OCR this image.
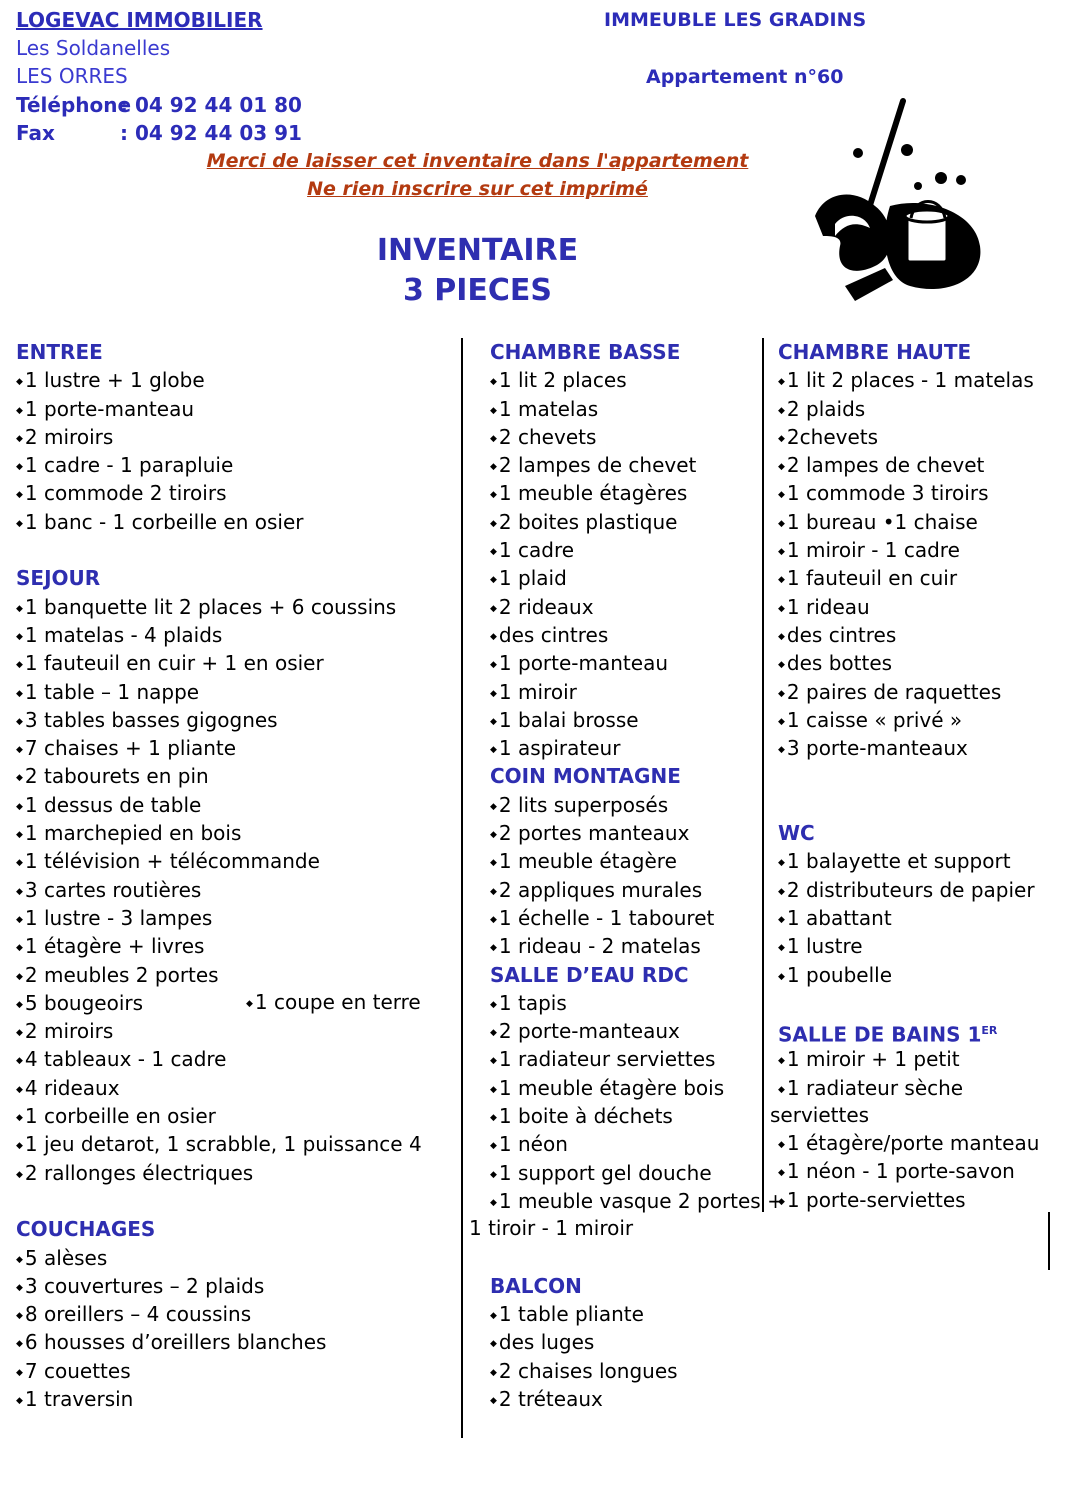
LOGEVAC IMMOBILIER
Les Soldanelles
LES ORRES
Téléphone
: 04 92 44 01 80
Fax	: 04 92 44 03 91
IMMEUBLE LES GRADINS
Appartement n°60
Merci de laisser cet inventaire dans l'appartement
Ne rien inscrire sur cet imprimé
INVENTAIRE
3 PIECES
ENTREE
◆ 1 lustre + 1 globe
◆ 1 porte-manteau
◆ 2 miroirs
◆ 1 cadre - 1 parapluie
◆ 1 commode 2 tiroirs
◆ 1 banc - 1 corbeille en osier
SEJOUR
◆ 1 banquette lit 2 places + 6 coussins
◆ 1 matelas - 4 plaids
◆ 1 fauteuil en cuir + 1 en osier
◆ 1 table – 1 nappe
◆ 3 tables basses gigognes
◆ 7 chaises + 1 pliante
◆ 2 tabourets en pin
◆ 1 dessus de table
◆ 1 marchepied en bois
◆ 1 télévision + télécommande
◆ 3 cartes routières
◆ 1 lustre - 3 lampes
◆ 1 étagère + livres
◆ 2 meubles 2 portes
◆ 5 bougeoirs
◆ 2 miroirs
◆ 4 tableaux - 1 cadre
◆ 4 rideaux
◆ 1 corbeille en osier
◆ 1 jeu detarot, 1 scrabble, 1 puissance 4
◆ 2 rallonges électriques
COUCHAGES
◆ 5 alèses
◆ 3 couvertures – 2 plaids
◆ 8 oreillers – 4 coussins
◆ 6 housses d’oreillers blanches
◆ 7 couettes
◆ 1 traversin
◆ 1 coupe en terre
CHAMBRE BASSE
◆ 1 lit 2 places
◆ 1 matelas
◆ 2 chevets
◆ 2 lampes de chevet
◆ 1 meuble étagères
◆ 2 boites plastique
◆ 1 cadre
◆ 1 plaid
◆ 2 rideaux
◆ des cintres
◆ 1 porte-manteau
◆ 1 miroir
◆ 1 balai brosse
◆ 1 aspirateur
COIN MONTAGNE
◆ 2 lits superposés
◆ 2 portes manteaux
◆ 1 meuble étagère
◆ 2 appliques murales
◆ 1 échelle - 1 tabouret
◆ 1 rideau - 2 matelas
SALLE D’EAU RDC
◆ 1 tapis
◆ 2 porte-manteaux
◆ 1 radiateur serviettes
◆ 1 meuble étagère bois
◆ 1 boite à déchets
◆ 1 néon
◆ 1 support gel douche
◆ 1 meuble vasque 2 portes +
BALCON
◆ 1 table pliante
◆ des luges
◆ 2 chaises longues
◆ 2 tréteaux
1 tiroir - 1 miroir
CHAMBRE HAUTE
◆ 1 lit 2 places - 1 matelas
◆ 2 plaids
◆ 2chevets
◆ 2 lampes de chevet
◆ 1 commode 3 tiroirs
◆ 1 bureau •1 chaise
◆ 1 miroir - 1 cadre
◆ 1 fauteuil en cuir
◆ 1 rideau
◆ des cintres
◆ des bottes
◆ 2 paires de raquettes
◆ 1 caisse « privé »
◆ 3 porte-manteaux
WC
◆ 1 balayette et support
◆ 2 distributeurs de papier
◆ 1 abattant
◆ 1 lustre
◆ 1 poubelle
SALLE DE BAINS 1ER
◆ 1 miroir + 1 petit
◆ 1 radiateur sèche
serviettes
◆ 1 étagère/porte manteau
◆ 1 néon - 1 porte-savon
◆ 1 porte-serviettes
